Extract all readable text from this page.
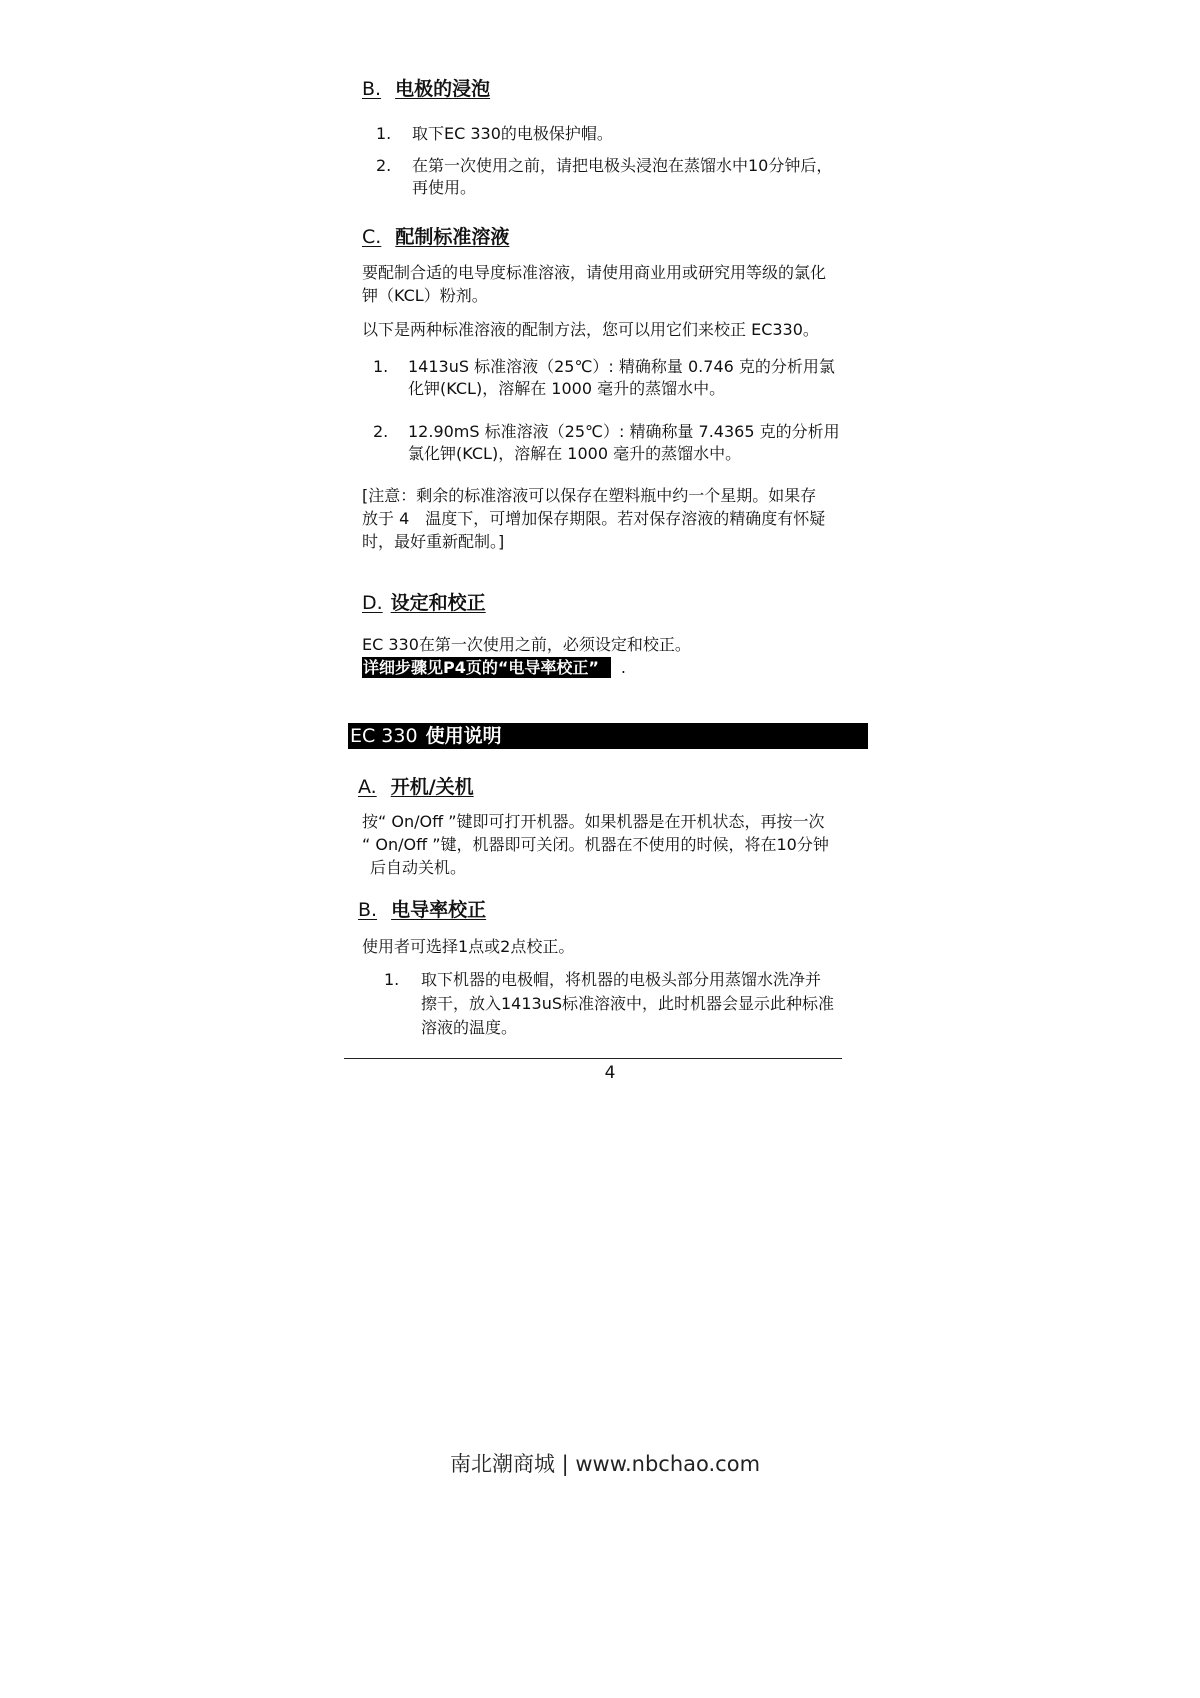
B. 电极的浸泡
1. 取下EC 330的电极保护帽。
2. 在第一次使用之前，请把电极头浸泡在蒸馏水中10分钟后，
再使用。
C. 配制标准溶液
要配制合适的电导度标准溶液，请使用商业用或研究用等级的氯化
钾（KCL）粉剂。
以下是两种标准溶液的配制方法，您可以用它们来校正 EC330。
1. 1413uS 标准溶液（25℃）: 精确称量 0.746 克的分析用氯
化钾(KCL)，溶解在 1000 毫升的蒸馏水中。
2. 12.90mS 标准溶液（25℃）: 精确称量 7.4365 克的分析用
氯化钾(KCL)，溶解在 1000 毫升的蒸馏水中。
[注意：剩余的标准溶液可以保存在塑料瓶中约一个星期。如果存
放于 4　温度下，可增加保存期限。若对保存溶液的精确度有怀疑
时，最好重新配制。]
D. 设定和校正
EC 330在第一次使用之前，必须设定和校正。
详细步骤见P4页的“电导率校正” .
EC 330 使用说明
A. 开机/关机
按“ On/Off ”键即可打开机器。如果机器是在开机状态，再按一次
“ On/Off ”键，机器即可关闭。机器在不使用的时候，将在10分钟
后自动关机。
B. 电导率校正
使用者可选择1点或2点校正。
1. 取下机器的电极帽，将机器的电极头部分用蒸馏水洗净并
擦干，放入1413uS标准溶液中，此时机器会显示此种标准
溶液的温度。
4
南北潮商城 | www.nbchao.com
